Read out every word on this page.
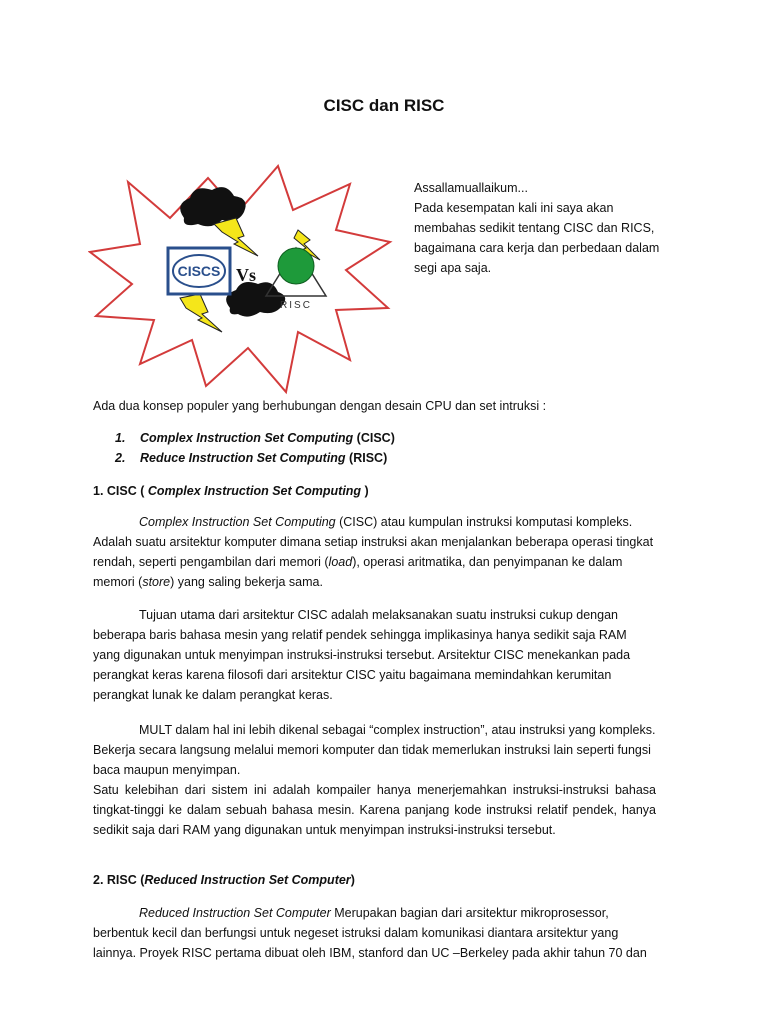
CISC dan RISC
CISCS Vs
RISC

Assallamuallaikum...

Pada kesempatan kali ini saya akan

membahas sedikit tentang CISC dan RICS,

bagaimana cara kerja dan perbedaan dalam

segi apa saja.

Ada dua konsep populer yang berhubungan dengan desain CPU dan set intruksi :

1.	Complex Instruction Set Computing (CISC)
2.	Reduce Instruction Set Computing (RISC)

1. CISC ( Complex Instruction Set Computing )

Complex Instruction Set Computing (CISC) atau kumpulan instruksi komputasi kompleks. Adalah suatu arsitektur komputer dimana setiap instruksi akan menjalankan beberapa operasi tingkat rendah, seperti pengambilan dari memori (load), operasi aritmatika, dan penyimpanan ke dalam memori (store) yang saling bekerja sama.

Tujuan utama dari arsitektur CISC adalah melaksanakan suatu instruksi cukup dengan beberapa baris bahasa mesin yang relatif pendek sehingga implikasinya hanya sedikit saja RAM yang digunakan untuk menyimpan instruksi-instruksi tersebut. Arsitektur CISC menekankan pada perangkat keras karena filosofi dari arsitektur CISC yaitu bagaimana memindahkan kerumitan perangkat lunak ke dalam perangkat keras.

MULT dalam hal ini lebih dikenal sebagai “complex instruction”, atau instruksi yang kompleks. Bekerja secara langsung melalui memori komputer dan tidak memerlukan instruksi lain seperti fungsi baca maupun menyimpan.

Satu kelebihan dari sistem ini adalah kompailer hanya menerjemahkan instruksi-instruksi bahasa tingkat-tinggi ke dalam sebuah bahasa mesin. Karena panjang kode instruksi relatif pendek, hanya sedikit saja dari RAM yang digunakan untuk menyimpan instruksi-instruksi tersebut.

2. RISC (Reduced Instruction Set Computer)

Reduced Instruction Set Computer Merupakan bagian dari arsitektur mikroprosessor, berbentuk kecil dan berfungsi untuk negeset istruksi dalam komunikasi diantara arsitektur yang lainnya. Proyek RISC pertama dibuat oleh IBM, stanford dan UC –Berkeley pada akhir tahun 70 dan
